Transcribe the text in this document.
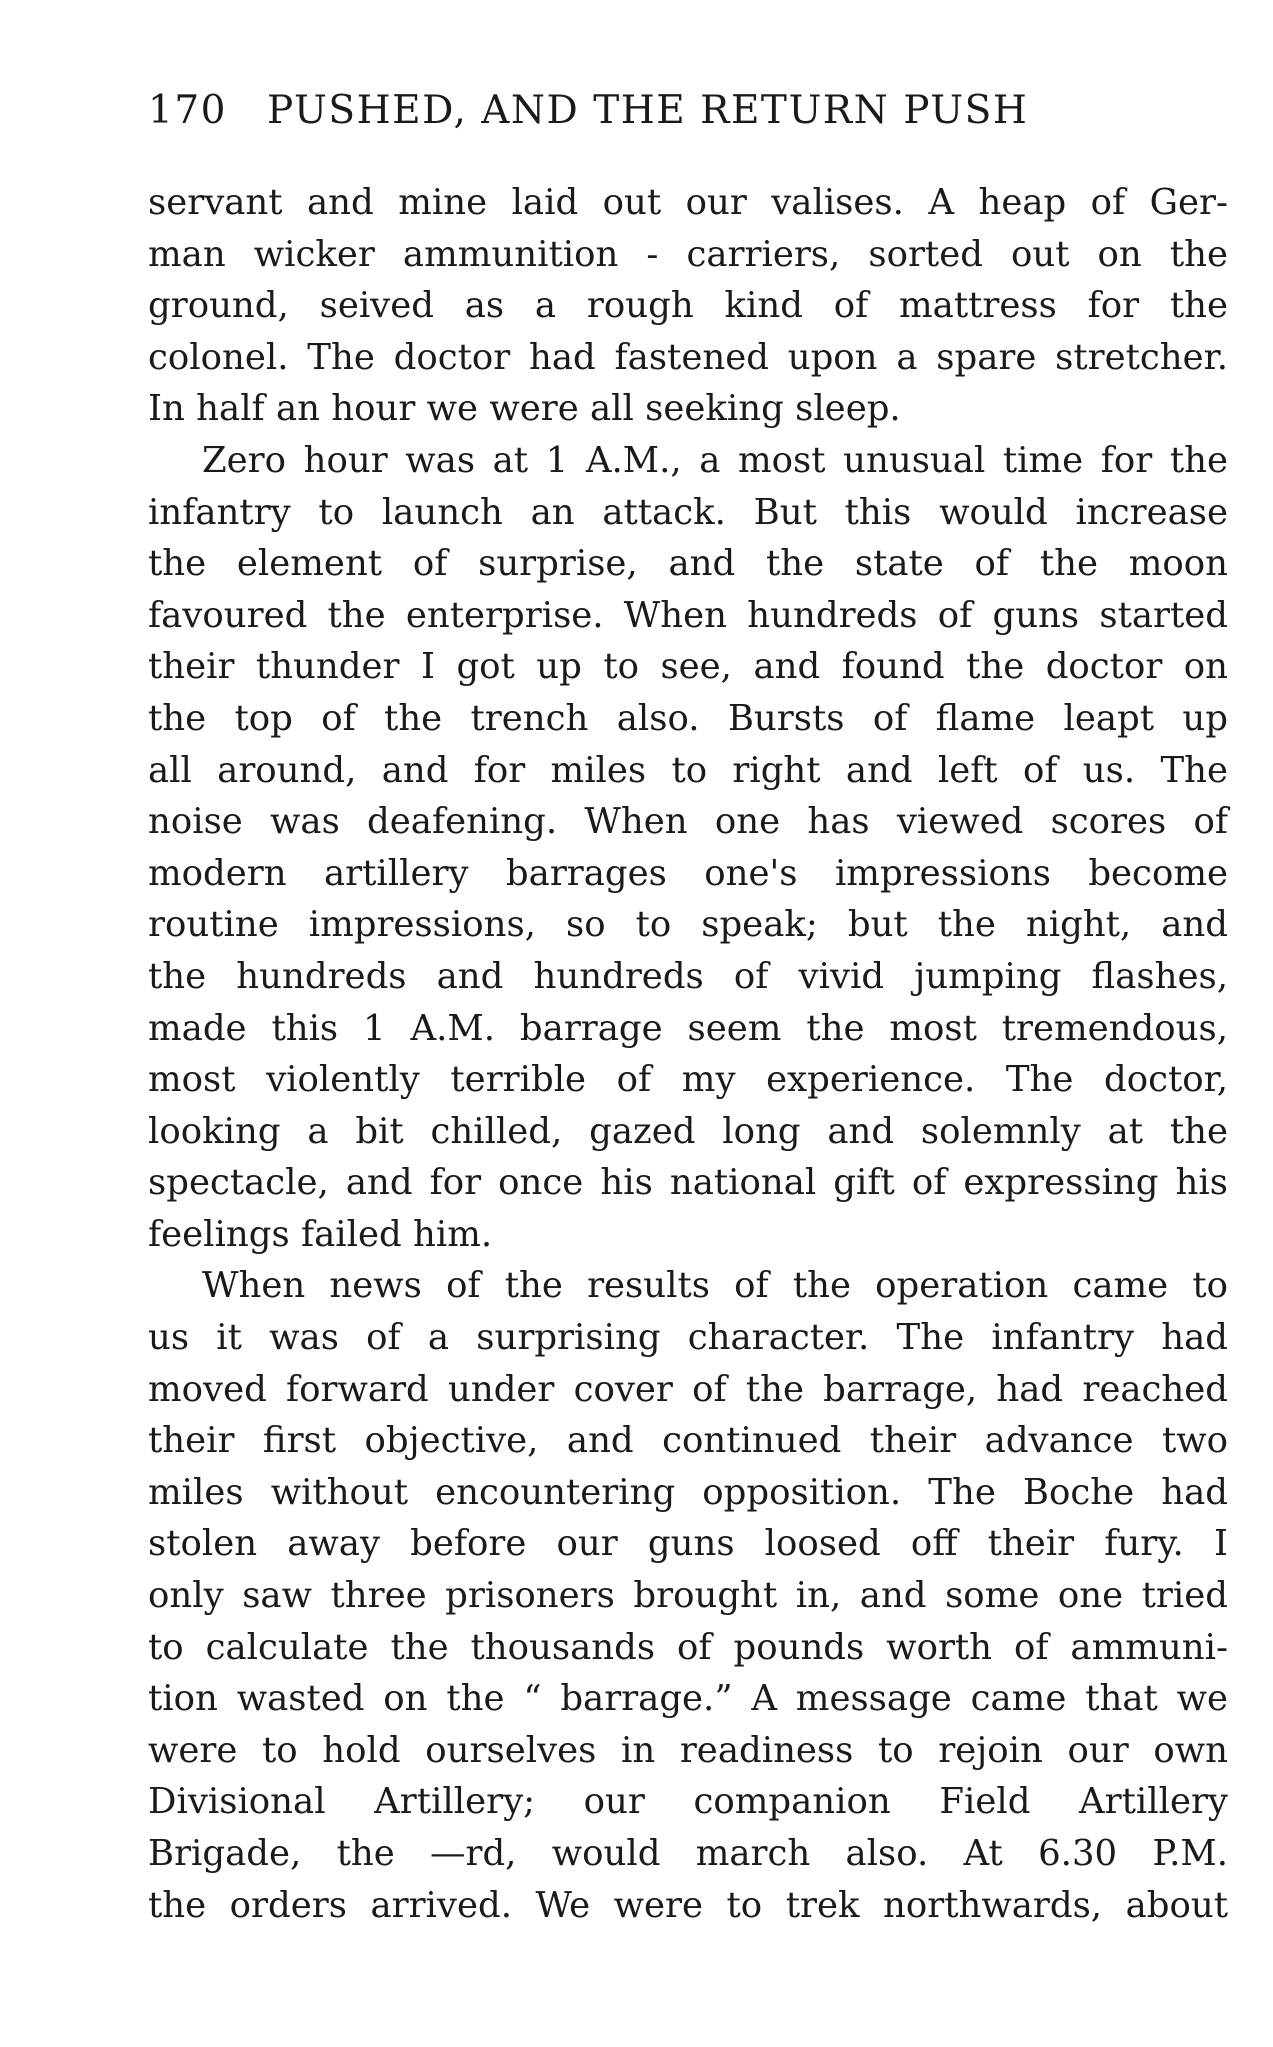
170 PUSHED, AND THE RETURN PUSH
servant and mine laid out our valises. A heap of Ger-
man wicker ammunition - carriers, sorted out on the
ground, seived as a rough kind of mattress for the
colonel. The doctor had fastened upon a spare stretcher.
In half an hour we were all seeking sleep.
Zero hour was at 1 A.M., a most unusual time for the
infantry to launch an attack. But this would increase
the element of surprise, and the state of the moon
favoured the enterprise. When hundreds of guns started
their thunder I got up to see, and found the doctor on
the top of the trench also. Bursts of flame leapt up
all around, and for miles to right and left of us. The
noise was deafening. When one has viewed scores of
modern artillery barrages one's impressions become
routine impressions, so to speak; but the night, and
the hundreds and hundreds of vivid jumping flashes,
made this 1 A.M. barrage seem the most tremendous,
most violently terrible of my experience. The doctor,
looking a bit chilled, gazed long and solemnly at the
spectacle, and for once his national gift of expressing his
feelings failed him.
When news of the results of the operation came to
us it was of a surprising character. The infantry had
moved forward under cover of the barrage, had reached
their first objective, and continued their advance two
miles without encountering opposition. The Boche had
stolen away before our guns loosed off their fury. I
only saw three prisoners brought in, and some one tried
to calculate the thousands of pounds worth of ammuni-
tion wasted on the “ barrage.” A message came that we
were to hold ourselves in readiness to rejoin our own
Divisional Artillery; our companion Field Artillery
Brigade, the —rd, would march also. At 6.30 P.M.
the orders arrived. We were to trek northwards, about
